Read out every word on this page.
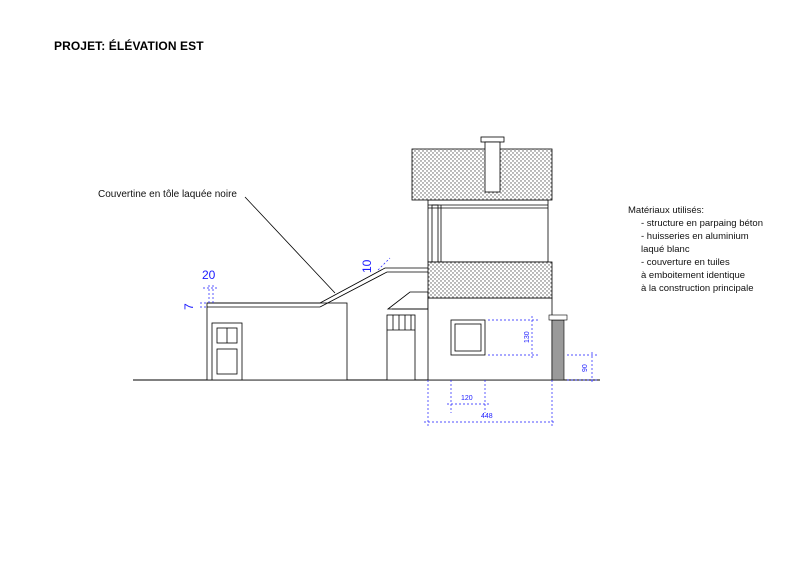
PROJET: ÉLÉVATION EST
20
7
10
130
90
120
448
Couvertine en tôle laquée noire
Matériaux utilisés:
- structure en parpaing béton
- huisseries en aluminium
laqué blanc
- couverture en tuiles
à emboitement identique
à la construction principale
